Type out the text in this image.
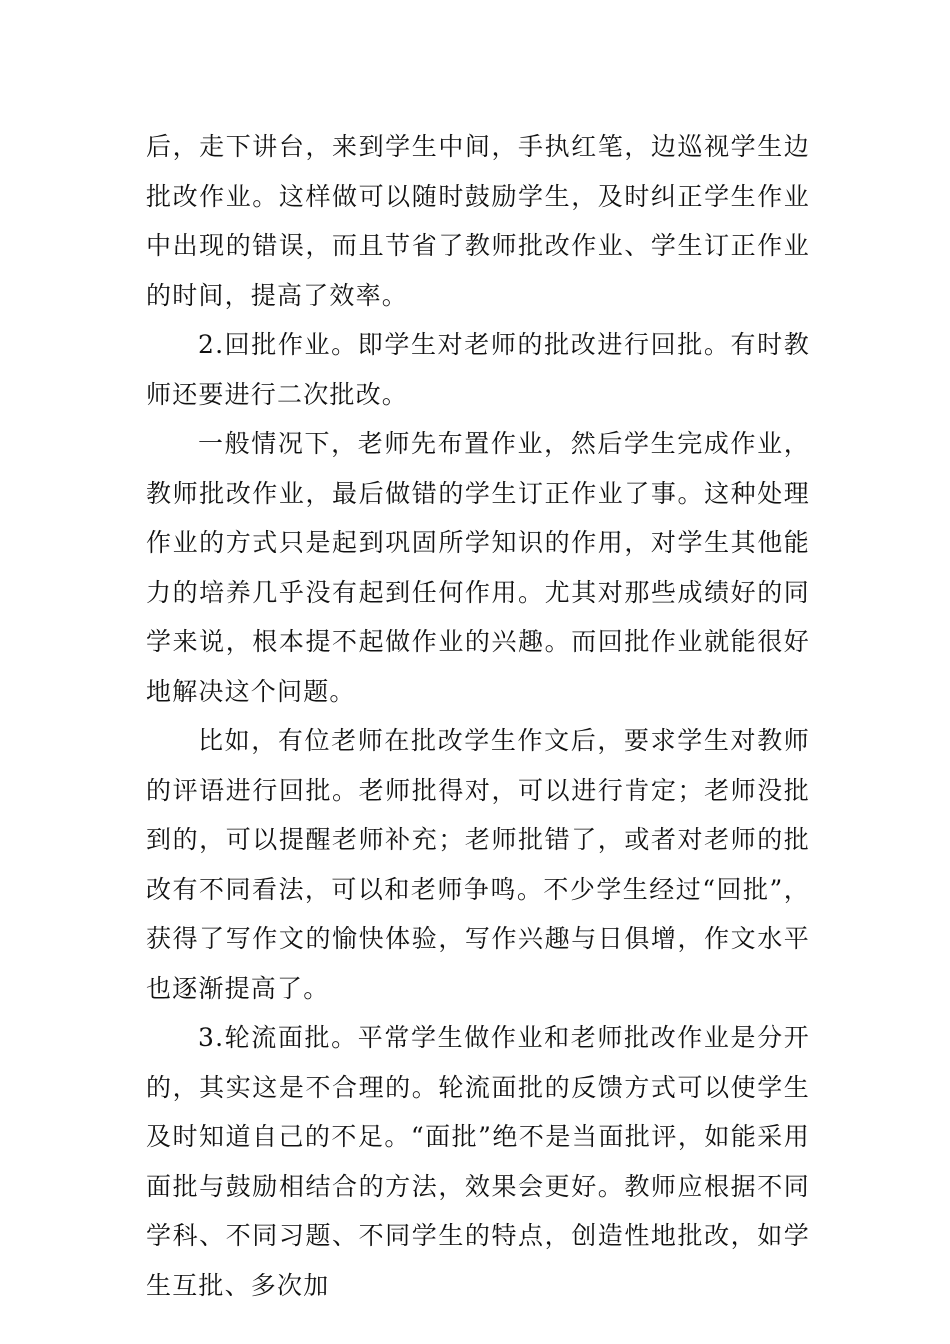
后，走下讲台，来到学生中间，手执红笔，边巡视学生边批改作业。这样做可以随时鼓励学生，及时纠正学生作业中出现的错误，而且节省了教师批改作业、学生订正作业的时间，提高了效率。

2.回批作业。即学生对老师的批改进行回批。有时教师还要进行二次批改。

一般情况下，老师先布置作业，然后学生完成作业，教师批改作业，最后做错的学生订正作业了事。这种处理作业的方式只是起到巩固所学知识的作用，对学生其他能力的培养几乎没有起到任何作用。尤其对那些成绩好的同学来说，根本提不起做作业的兴趣。而回批作业就能很好地解决这个问题。

比如，有位老师在批改学生作文后，要求学生对教师的评语进行回批。老师批得对，可以进行肯定；老师没批到的，可以提醒老师补充；老师批错了，或者对老师的批改有不同看法，可以和老师争鸣。不少学生经过“回批”，获得了写作文的愉快体验，写作兴趣与日俱增，作文水平也逐渐提高了。

3.轮流面批。平常学生做作业和老师批改作业是分开的，其实这是不合理的。轮流面批的反馈方式可以使学生及时知道自己的不足。“面批”绝不是当面批评，如能采用面批与鼓励相结合的方法，效果会更好。教师应根据不同学科、不同习题、不同学生的特点，创造性地批改，如学生互批、多次加
